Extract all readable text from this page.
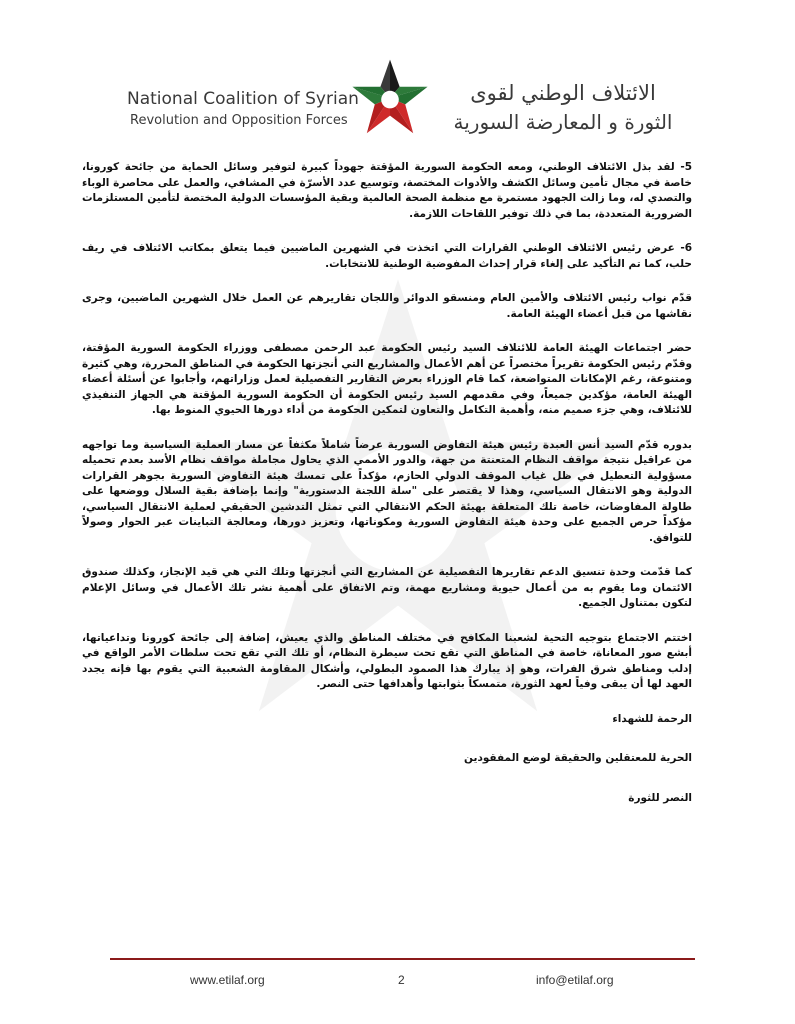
National Coalition of Syrian
Revolution and Opposition Forces
الائتلاف الوطني لقوى
الثورة و المعارضة السورية

5- لقد بذل الائتلاف الوطني، ومعه الحكومة السورية المؤقتة جهوداً كبيرة لتوفير وسائل الحماية من جائحة كورونا، خاصة في مجال تأمين وسائل الكشف والأدوات المختصة، وتوسيع عدد الأسرّة في المشافي، والعمل على محاصرة الوباء والتصدي له، وما زالت الجهود مستمرة مع منظمة الصحة العالمية وبقية المؤسسات الدولية المختصة لتأمين المستلزمات الضرورية المتعددة، بما في ذلك توفير اللقاحات اللازمة.

6- عرض رئيس الائتلاف الوطني القرارات التي اتخذت في الشهرين الماضيين فيما يتعلق بمكاتب الائتلاف في ريف حلب، كما تم التأكيد على إلغاء قرار إحداث المفوضية الوطنية للانتخابات.

قدّم نواب رئيس الائتلاف والأمين العام ومنسقو الدوائر واللجان تقاريرهم عن العمل خلال الشهرين الماضيين، وجرى نقاشها من قبل أعضاء الهيئة العامة.

حضر اجتماعات الهيئة العامة للائتلاف السيد رئيس الحكومة عبد الرحمن مصطفى ووزراء الحكومة السورية المؤقتة، وقدّم رئيس الحكومة تقريراً مختصراً عن أهم الأعمال والمشاريع التي أنجزتها الحكومة في المناطق المحررة، وهي كثيرة ومتنوعة، رغم الإمكانات المتواضعة، كما قام الوزراء بعرض التقارير التفصيلية لعمل وزاراتهم، وأجابوا عن أسئلة أعضاء الهيئة العامة، مؤكدين جميعاً، وفي مقدمهم السيد رئيس الحكومة أن الحكومة السورية المؤقتة هي الجهاز التنفيذي للائتلاف، وهي جزء صميم منه، وأهمية التكامل والتعاون لتمكين الحكومة من أداء دورها الحيوي المنوط بها.

بدوره قدّم السيد أنس العبدة رئيس هيئة التفاوض السورية عرضاً شاملاً مكثفاً عن مسار العملية السياسية وما تواجهه من عراقيل نتيجة مواقف النظام المتعنتة من جهة، والدور الأممي الذي يحاول مجاملة مواقف نظام الأسد بعدم تحميله مسؤولية التعطيل في ظل غياب الموقف الدولي الحازم، مؤكداً على تمسك هيئة التفاوض السورية بجوهر القرارات الدولية وهو الانتقال السياسي، وهذا لا يقتصر على "سلة اللجنة الدستورية" وإنما بإضافة بقية السلال ووضعها على طاولة المفاوضات، خاصة تلك المتعلقة بهيئة الحكم الانتقالي التي تمثل التدشين الحقيقي لعملية الانتقال السياسي، مؤكداً حرص الجميع على وحدة هيئة التفاوض السورية ومكوناتها، وتعزيز دورها، ومعالجة التباينات عبر الحوار وصولاً للتوافق.

كما قدّمت وحدة تنسيق الدعم تقاريرها التفصيلية عن المشاريع التي أنجزتها وتلك التي هي قيد الإنجاز، وكذلك صندوق الائتمان وما يقوم به من أعمال حيوية ومشاريع مهمة، وتم الاتفاق على أهمية نشر تلك الأعمال في وسائل الإعلام لتكون بمتناول الجميع.

اختتم الاجتماع بتوجيه التحية لشعبنا المكافح في مختلف المناطق والذي يعيش، إضافة إلى جائحة كورونا وتداعياتها، أبشع صور المعاناة، خاصة في المناطق التي تقع تحت سيطرة النظام، أو تلك التي تقع تحت سلطات الأمر الواقع في إدلب ومناطق شرق الفرات، وهو إذ يبارك هذا الصمود البطولي، وأشكال المقاومة الشعبية التي يقوم بها فإنه يجدد العهد لها أن يبقى وفياً لعهد الثورة، متمسكاً بثوابتها وأهدافها حتى النصر.

الرحمة للشهداء

الحرية للمعتقلين والحقيقة لوضع المفقودين

النصر للثورة

www.etilaf.org	2	info@etilaf.org
